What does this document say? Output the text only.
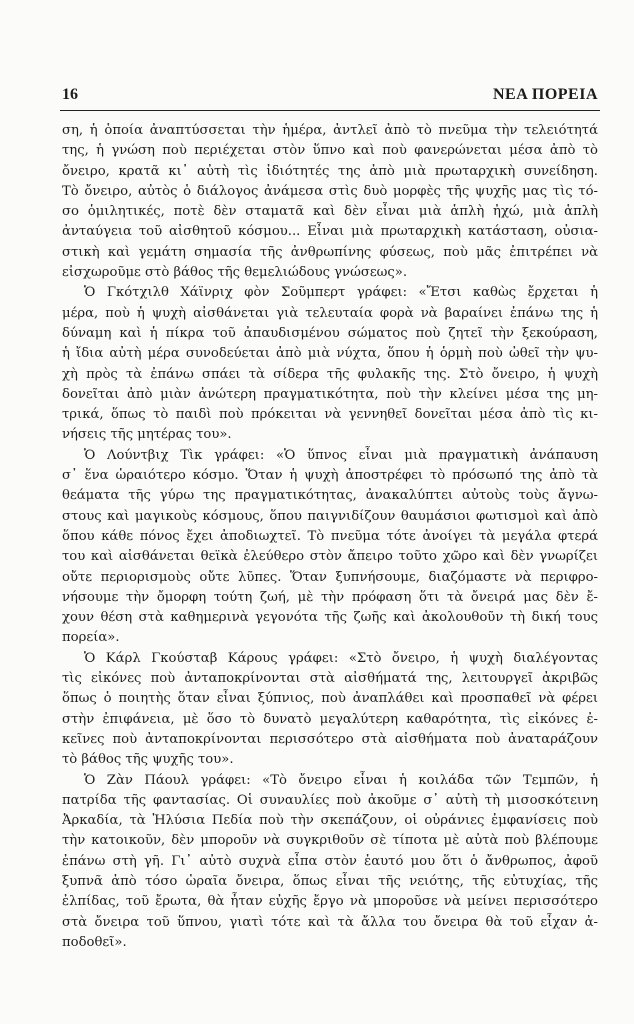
16	ΝΕΑ ΠΟΡΕΙΑ
ση, ἡ ὁποία ἀναπτύσσεται τὴν ἡμέρα, ἀντλεῖ ἀπὸ τὸ πνεῦμα τὴν τελειότητά
της, ἡ γνώση ποὺ περιέχεται στὸν ὕπνο καὶ ποὺ φανερώνεται μέσα ἀπὸ τὸ
ὄνειρο, κρατᾶ κι᾽ αὐτὴ τὶς ἰδιότητές της ἀπὸ μιὰ πρωταρχικὴ συνείδηση.
Τὸ ὄνειρο, αὐτὸς ὁ διάλογος ἀνάμεσα στὶς δυὸ μορφὲς τῆς ψυχῆς μας τὶς τό-
σο ὁμιλητικές, ποτὲ δὲν σταματᾶ καὶ δὲν εἶναι μιὰ ἁπλὴ ἠχώ, μιὰ ἁπλὴ
ἀνταύγεια τοῦ αἰσθητοῦ κόσμου... Εἶναι μιὰ πρωταρχικὴ κατάσταση, οὐσια-
στικὴ καὶ γεμάτη σημασία τῆς ἀνθρωπίνης φύσεως, ποὺ μᾶς ἐπιτρέπει νὰ
εἰσχωροῦμε στὸ βάθος τῆς θεμελιώδους γνώσεως».
Ὁ Γκότχιλθ Χάϊνριχ φὸν Σοῦμπερτ γράφει: «Ἔτσι καθὼς ἔρχεται ἡ
μέρα, ποὺ ἡ ψυχὴ αἰσθάνεται γιὰ τελευταία φορὰ νὰ βαραίνει ἐπάνω της ἡ
δύναμη καὶ ἡ πίκρα τοῦ ἀπαυδισμένου σώματος ποὺ ζητεῖ τὴν ξεκούραση,
ἡ ἴδια αὐτὴ μέρα συνοδεύεται ἀπὸ μιὰ νύχτα, ὅπου ἡ ὁρμὴ ποὺ ὠθεῖ τὴν ψυ-
χὴ πρὸς τὰ ἐπάνω σπάει τὰ σίδερα τῆς φυλακῆς της. Στὸ ὄνειρο, ἡ ψυχὴ
δονεῖται ἀπὸ μιὰν ἀνώτερη πραγματικότητα, ποὺ τὴν κλείνει μέσα της μη-
τρικά, ὅπως τὸ παιδὶ ποὺ πρόκειται νὰ γεννηθεῖ δονεῖται μέσα ἀπὸ τὶς κι-
νήσεις τῆς μητέρας του».
Ὁ Λούντβιχ Τὶκ γράφει: «Ὁ ὕπνος εἶναι μιὰ πραγματικὴ ἀνάπαυση
σ᾽ ἕνα ὡραιότερο κόσμο. Ὅταν ἡ ψυχὴ ἀποστρέφει τὸ πρόσωπό της ἀπὸ τὰ
θεάματα τῆς γύρω της πραγματικότητας, ἀνακαλύπτει αὐτοὺς τοὺς ἄγνω-
στους καὶ μαγικοὺς κόσμους, ὅπου παιγνιδίζουν θαυμάσιοι φωτισμοὶ καὶ ἀπὸ
ὅπου κάθε πόνος ἔχει ἀποδιωχτεῖ. Τὸ πνεῦμα τότε ἀνοίγει τὰ μεγάλα φτερά
του καὶ αἰσθάνεται θεϊκὰ ἐλεύθερο στὸν ἄπειρο τοῦτο χῶρο καὶ δὲν γνωρίζει
οὔτε περιορισμοὺς οὔτε λῦπες. Ὅταν ξυπνήσουμε, διαζόμαστε νὰ περιφρο-
νήσουμε τὴν ὄμορφη τούτη ζωή, μὲ τὴν πρόφαση ὅτι τὰ ὄνειρά μας δὲν ἔ-
χουν θέση στὰ καθημερινὰ γεγονότα τῆς ζωῆς καὶ ἀκολουθοῦν τὴ δική τους
πορεία».
Ὁ Κάρλ Γκούσταβ Κάρους γράφει: «Στὸ ὄνειρο, ἡ ψυχὴ διαλέγοντας
τὶς εἰκόνες ποὺ ἀνταποκρίνονται στὰ αἰσθήματά της, λειτουργεῖ ἀκριβῶς
ὅπως ὁ ποιητὴς ὅταν εἶναι ξύπνιος, ποὺ ἀναπλάθει καὶ προσπαθεῖ νὰ φέρει
στὴν ἐπιφάνεια, μὲ ὅσο τὸ δυνατὸ μεγαλύτερη καθαρότητα, τὶς εἰκόνες ἐ-
κεῖνες ποὺ ἀνταποκρίνονται περισσότερο στὰ αἰσθήματα ποὺ ἀναταράζουν
τὸ βάθος τῆς ψυχῆς του».
Ὁ Ζὰν Πάουλ γράφει: «Τὸ ὄνειρο εἶναι ἡ κοιλάδα τῶν Τεμπῶν, ἡ
πατρίδα τῆς φαντασίας. Οἱ συναυλίες ποὺ ἀκοῦμε σ᾽ αὐτὴ τὴ μισοσκότεινη
Ἀρκαδία, τὰ Ἠλύσια Πεδία ποὺ τὴν σκεπάζουν, οἱ οὐράνιες ἐμφανίσεις ποὺ
τὴν κατοικοῦν, δὲν μποροῦν νὰ συγκριθοῦν σὲ τίποτα μὲ αὐτὰ ποὺ βλέπουμε
ἐπάνω στὴ γῆ. Γι᾽ αὐτὸ συχνὰ εἶπα στὸν ἑαυτό μου ὅτι ὁ ἄνθρωπος, ἀφοῦ
ξυπνᾶ ἀπὸ τόσο ὡραῖα ὄνειρα, ὅπως εἶναι τῆς νειότης, τῆς εὐτυχίας, τῆς
ἐλπίδας, τοῦ ἔρωτα, θὰ ἦταν εὐχῆς ἔργο νὰ μποροῦσε νὰ μείνει περισσότερο
στὰ ὄνειρα τοῦ ὕπνου, γιατὶ τότε καὶ τὰ ἄλλα του ὄνειρα θὰ τοῦ εἶχαν ἀ-
ποδοθεῖ».
